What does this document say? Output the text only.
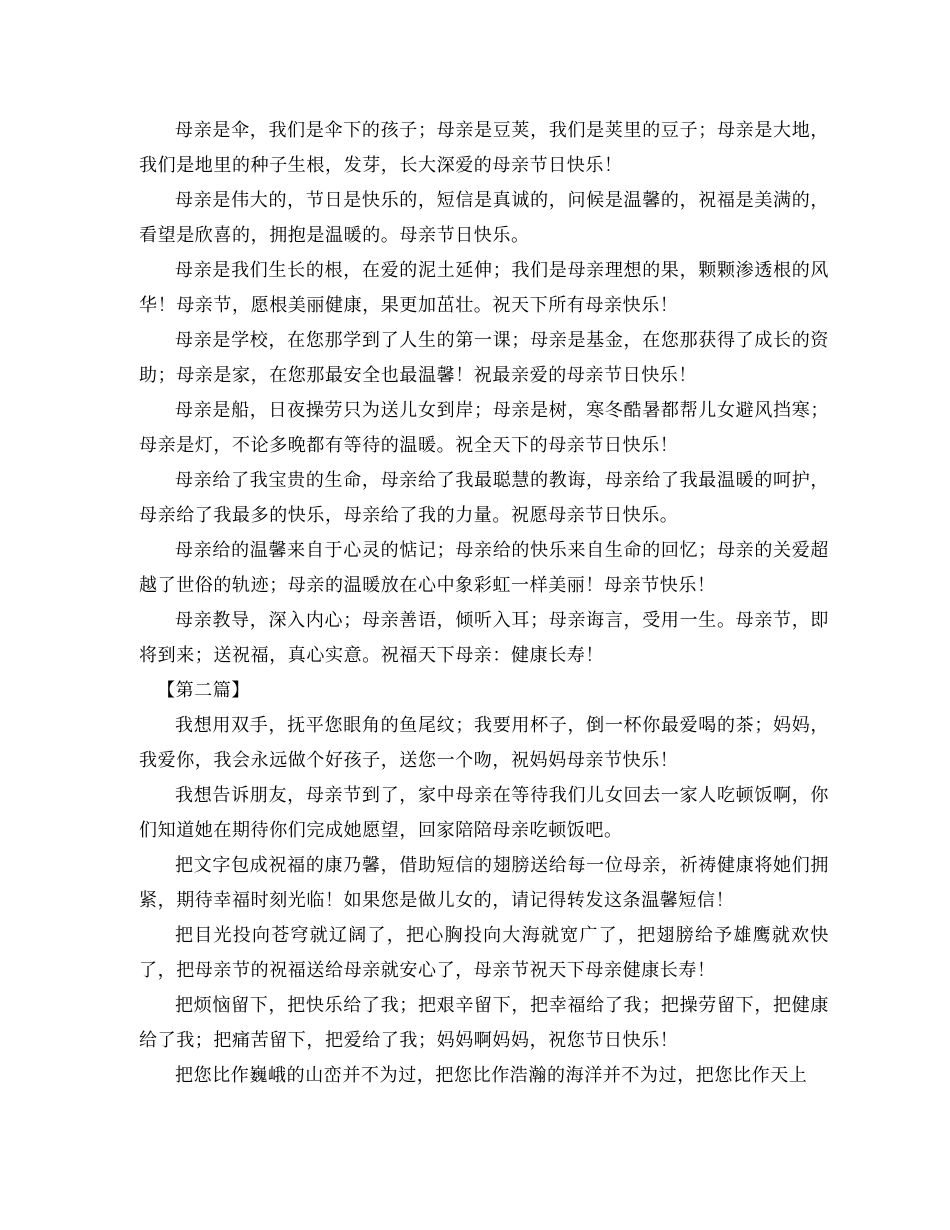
母亲是伞，我们是伞下的孩子；母亲是豆荚，我们是荚里的豆子；母亲是大地，我们是地里的种子生根，发芽，长大深爱的母亲节日快乐！

母亲是伟大的，节日是快乐的，短信是真诚的，问候是温馨的，祝福是美满的，看望是欣喜的，拥抱是温暖的。母亲节日快乐。

母亲是我们生长的根，在爱的泥土延伸；我们是母亲理想的果，颗颗渗透根的风华！母亲节，愿根美丽健康，果更加茁壮。祝天下所有母亲快乐！

母亲是学校，在您那学到了人生的第一课；母亲是基金，在您那获得了成长的资助；母亲是家，在您那最安全也最温馨！祝最亲爱的母亲节日快乐！

母亲是船，日夜操劳只为送儿女到岸；母亲是树，寒冬酷暑都帮儿女避风挡寒；母亲是灯，不论多晚都有等待的温暖。祝全天下的母亲节日快乐！

母亲给了我宝贵的生命，母亲给了我最聪慧的教诲，母亲给了我最温暖的呵护，母亲给了我最多的快乐，母亲给了我的力量。祝愿母亲节日快乐。

母亲给的温馨来自于心灵的惦记；母亲给的快乐来自生命的回忆；母亲的关爱超越了世俗的轨迹；母亲的温暖放在心中象彩虹一样美丽！母亲节快乐！

母亲教导，深入内心；母亲善语，倾听入耳；母亲诲言，受用一生。母亲节，即将到来；送祝福，真心实意。祝福天下母亲：健康长寿！

【第二篇】

我想用双手，抚平您眼角的鱼尾纹；我要用杯子，倒一杯你最爱喝的茶；妈妈，我爱你，我会永远做个好孩子，送您一个吻，祝妈妈母亲节快乐！

我想告诉朋友，母亲节到了，家中母亲在等待我们儿女回去一家人吃顿饭啊，你们知道她在期待你们完成她愿望，回家陪陪母亲吃顿饭吧。

把文字包成祝福的康乃馨，借助短信的翅膀送给每一位母亲，祈祷健康将她们拥紧，期待幸福时刻光临！如果您是做儿女的，请记得转发这条温馨短信！

把目光投向苍穹就辽阔了，把心胸投向大海就宽广了，把翅膀给予雄鹰就欢快了，把母亲节的祝福送给母亲就安心了，母亲节祝天下母亲健康长寿！

把烦恼留下，把快乐给了我；把艰辛留下，把幸福给了我；把操劳留下，把健康给了我；把痛苦留下，把爱给了我；妈妈啊妈妈，祝您节日快乐！

把您比作巍峨的山峦并不为过，把您比作浩瀚的海洋并不为过，把您比作天上
